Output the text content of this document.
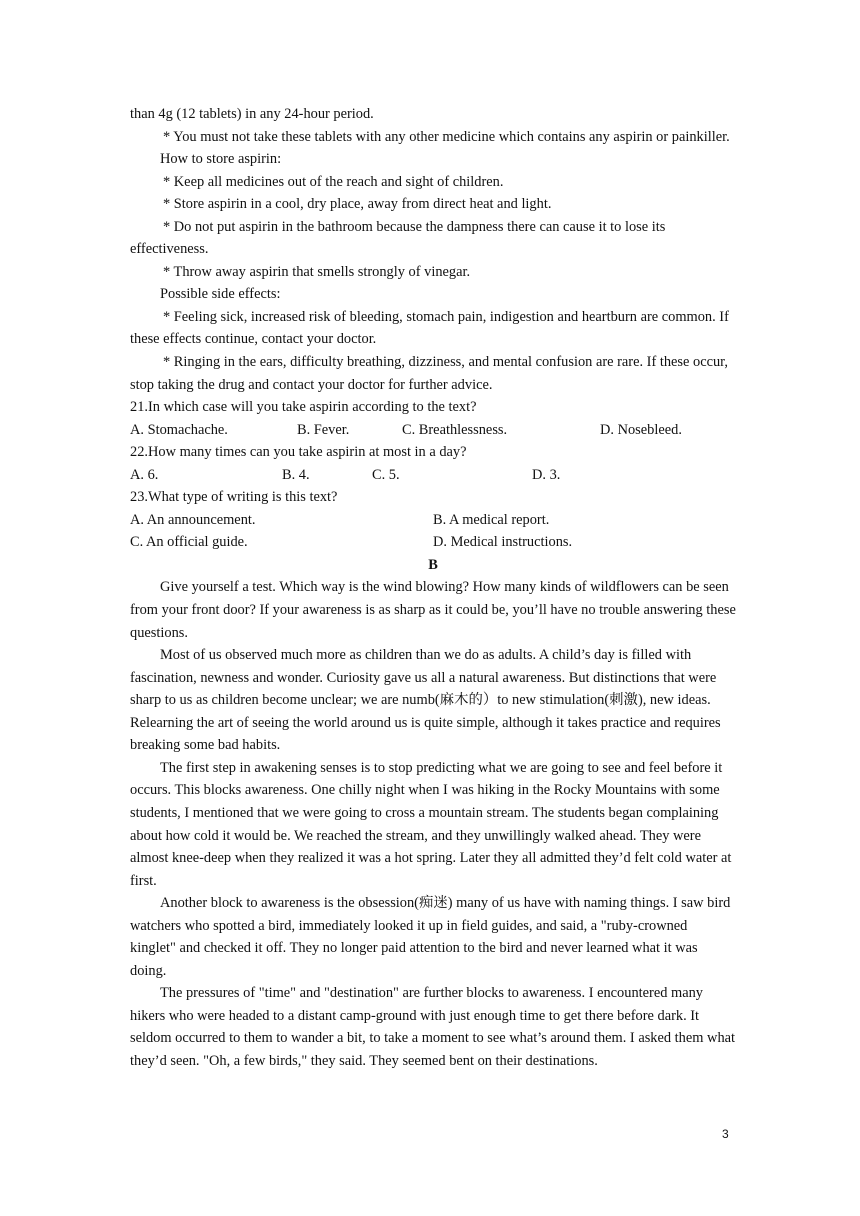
than 4g (12 tablets) in any 24-hour period.

* You must not take these tablets with any other medicine which contains any aspirin or painkiller.

How to store aspirin:

* Keep all medicines out of the reach and sight of children.

* Store aspirin in a cool, dry place, away from direct heat and light.

* Do not put aspirin in the bathroom because the dampness there can cause it to lose its effectiveness.

* Throw away aspirin that smells strongly of vinegar.

Possible side effects:

* Feeling sick, increased risk of bleeding, stomach pain, indigestion and heartburn are common. If these effects continue, contact your doctor.

* Ringing in the ears, difficulty breathing, dizziness, and mental confusion are rare. If these occur, stop taking the drug and contact your doctor for further advice.

21.In which case will you take aspirin according to the text?

A. Stomachache.	B. Fever.	C. Breathlessness.	D. Nosebleed.

22.How many times can you take aspirin at most in a day?

A. 6.	B. 4.	C. 5.	D. 3.

23.What type of writing is this text?

A. An announcement.	B. A medical report.
C. An official guide.	D. Medical instructions.

B

Give yourself a test. Which way is the wind blowing? How many kinds of wildflowers can be seen from your front door? If your awareness is as sharp as it could be, you’ll have no trouble answering these questions.

Most of us observed much more as children than we do as adults. A child’s day is filled with fascination, newness and wonder. Curiosity gave us all a natural awareness. But distinctions that were sharp to us as children become unclear; we are numb(麻木的）to new stimulation(刺激), new ideas. Relearning the art of seeing the world around us is quite simple, although it takes practice and requires breaking some bad habits.

The first step in awakening senses is to stop predicting what we are going to see and feel before it occurs. This blocks awareness. One chilly night when I was hiking in the Rocky Mountains with some students, I mentioned that we were going to cross a mountain stream. The students began complaining about how cold it would be. We reached the stream, and they unwillingly walked ahead. They were almost knee-deep when they realized it was a hot spring. Later they all admitted they’d felt cold water at first.

Another block to awareness is the obsession(痴迷) many of us have with naming things. I saw bird watchers who spotted a bird, immediately looked it up in field guides, and said, a "ruby-crowned kinglet" and checked it off. They no longer paid attention to the bird and never learned what it was doing.

The pressures of "time" and "destination" are further blocks to awareness. I encountered many hikers who were headed to a distant camp-ground with just enough time to get there before dark. It seldom occurred to them to wander a bit, to take a moment to see what’s around them. I asked them what they’d seen. "Oh, a few birds," they said. They seemed bent on their destinations.

3
